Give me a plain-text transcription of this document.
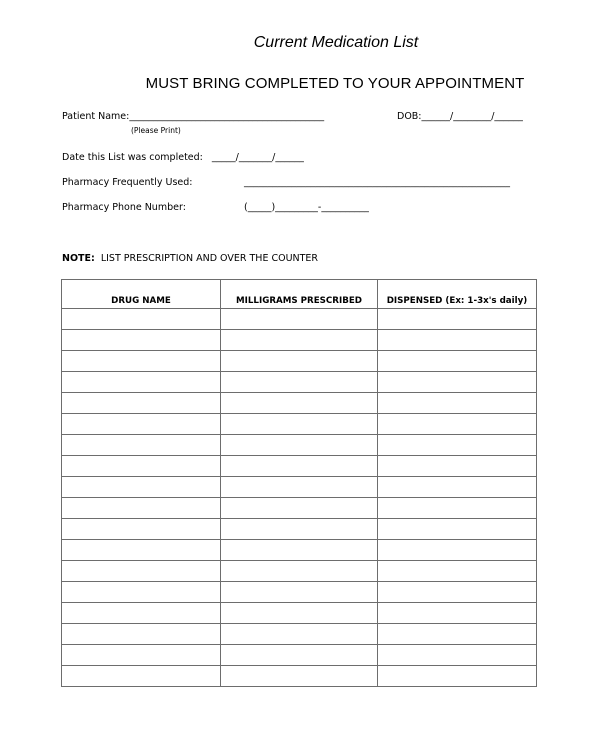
Current Medication List
MUST BRING COMPLETED TO YOUR APPOINTMENT
Patient Name:_________________________________________	DOB:______/________/______
(Please Print)
Date this List was completed:   _____/_______/______
Pharmacy Frequently Used:	________________________________________________________
Pharmacy Phone Number:	(_____)_________-__________
NOTE:  LIST PRESCRIPTION AND OVER THE COUNTER
DRUG NAME	MILLIGRAMS PRESCRIBED	DISPENSED (Ex: 1-3x's daily)
